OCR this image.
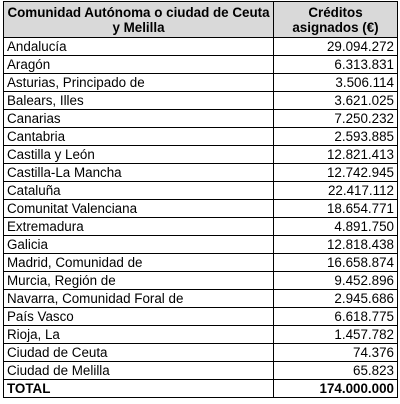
Comunidad Autónoma o ciudad de Ceuta y Melilla	Créditos asignados (€)
Andalucía	29.094.272
Aragón	6.313.831
Asturias, Principado de	3.506.114
Balears, Illes	3.621.025
Canarias	7.250.232
Cantabria	2.593.885
Castilla y León	12.821.413
Castilla-La Mancha	12.742.945
Cataluña	22.417.112
Comunitat Valenciana	18.654.771
Extremadura	4.891.750
Galicia	12.818.438
Madrid, Comunidad de	16.658.874
Murcia, Región de	9.452.896
Navarra, Comunidad Foral de	2.945.686
País Vasco	6.618.775
Rioja, La	1.457.782
Ciudad de Ceuta	74.376
Ciudad de Melilla	65.823
TOTAL	174.000.000
